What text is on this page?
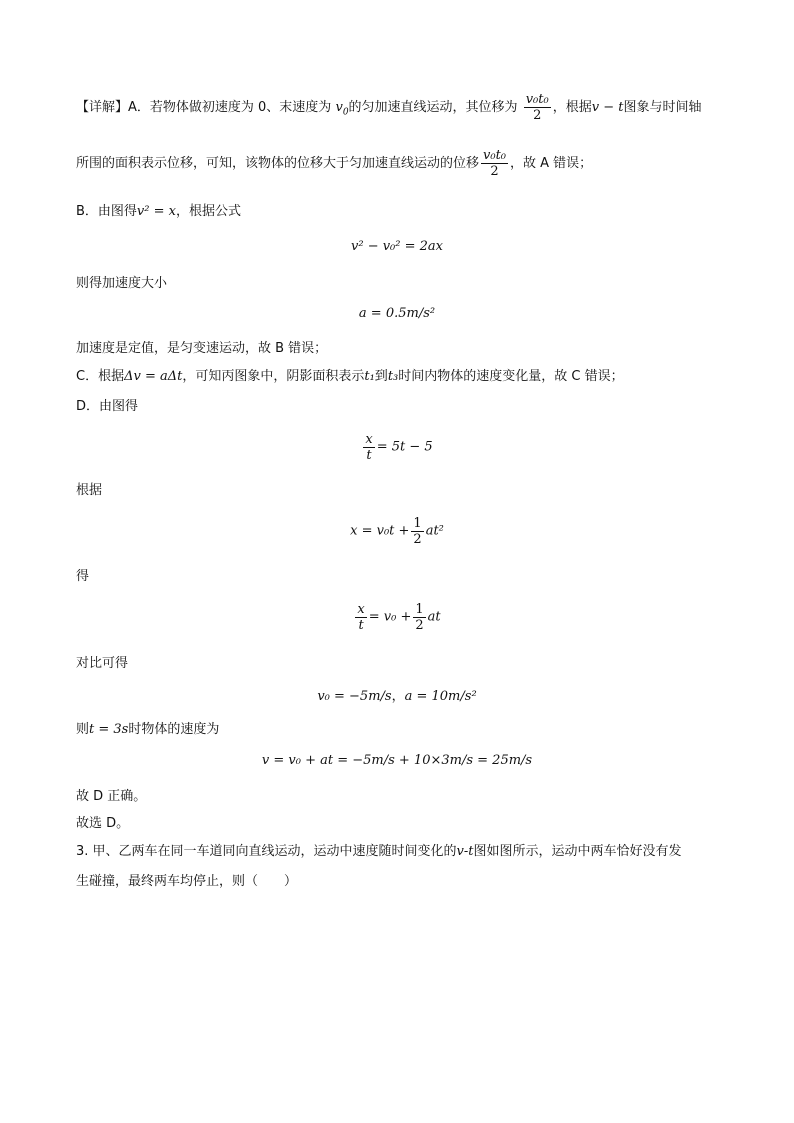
【详解】A．若物体做初速度为 0、末速度为 $v_0$的匀加速直线运动，其位移为 $\frac{\text{v₀t₀}}{2}$ ，根据v − t图象与时间轴
所围的面积表示位移，可知，该物体的位移大于匀加速直线运动的位移 $\frac{\text{v₀t₀}}{2}$ ，故 A 错误；
B．由图得v² = x，根据公式
v² − v₀² = 2ax
则得加速度大小
a = 0.5m/s²
加速度是定值，是匀变速运动，故 B 错误；
C．根据Δv = aΔt，可知丙图象中，阴影面积表示t₁到t₃时间内物体的速度变化量，故 C 错误；
D．由图得
$\frac{x}{t} = 5t - 5$
根据
$x = v_0t + \frac{1}{2} at^2$
得
$\frac{x}{t} = v_0 + \frac{1}{2}$ at
对比可得
v₀ = −5m/s，a = 10m/s²
则t = 3s时物体的速度为
v = v₀ + at = −5m/s + 10×3m/s = 25m/s
故 D 正确。
故选 D。
3. 甲、乙两车在同一车道同向直线运动，运动中速度随时间变化的v-t图如图所示，运动中两车恰好没有发
生碰撞，最终两车均停止，则（　　）
